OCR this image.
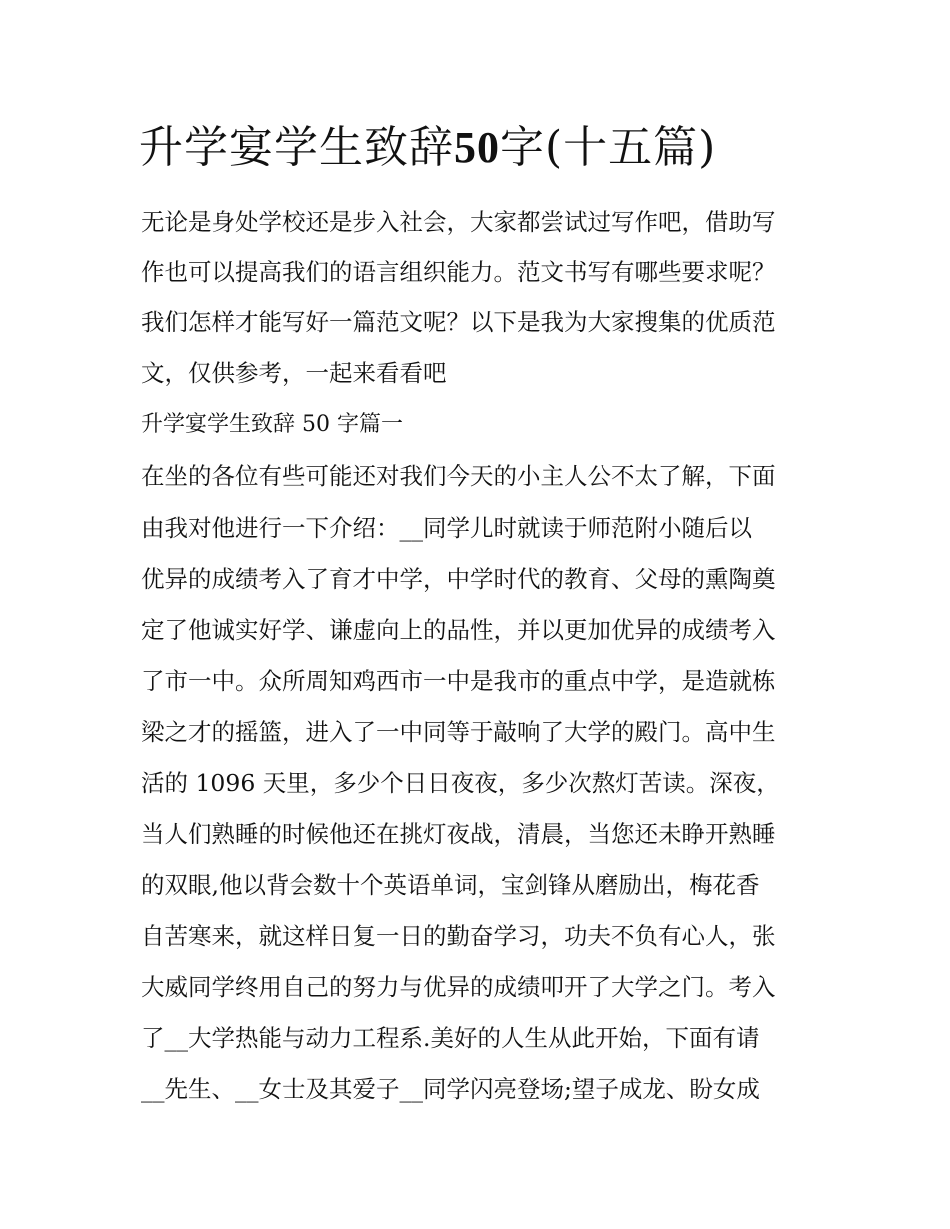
升学宴学生致辞50字(十五篇)

无论是身处学校还是步入社会，大家都尝试过写作吧，借助写

作也可以提高我们的语言组织能力。范文书写有哪些要求呢？

我们怎样才能写好一篇范文呢？以下是我为大家搜集的优质范

文，仅供参考，一起来看看吧

升学宴学生致辞 50 字篇一

在坐的各位有些可能还对我们今天的小主人公不太了解，下面

由我对他进行一下介绍：__同学儿时就读于师范附小随后以

优异的成绩考入了育才中学，中学时代的教育、父母的熏陶奠

定了他诚实好学、谦虚向上的品性，并以更加优异的成绩考入

了市一中。众所周知鸡西市一中是我市的重点中学，是造就栋

梁之才的摇篮，进入了一中同等于敲响了大学的殿门。高中生

活的 1096 天里，多少个日日夜夜，多少次熬灯苦读。深夜，

当人们熟睡的时候他还在挑灯夜战，清晨，当您还未睁开熟睡

的双眼,他以背会数十个英语单词，宝剑锋从磨励出，梅花香

自苦寒来，就这样日复一日的勤奋学习，功夫不负有心人，张

大威同学终用自己的努力与优异的成绩叩开了大学之门。考入

了__大学热能与动力工程系.美好的人生从此开始，下面有请

__先生、__女士及其爱子__同学闪亮登场;望子成龙、盼女成
